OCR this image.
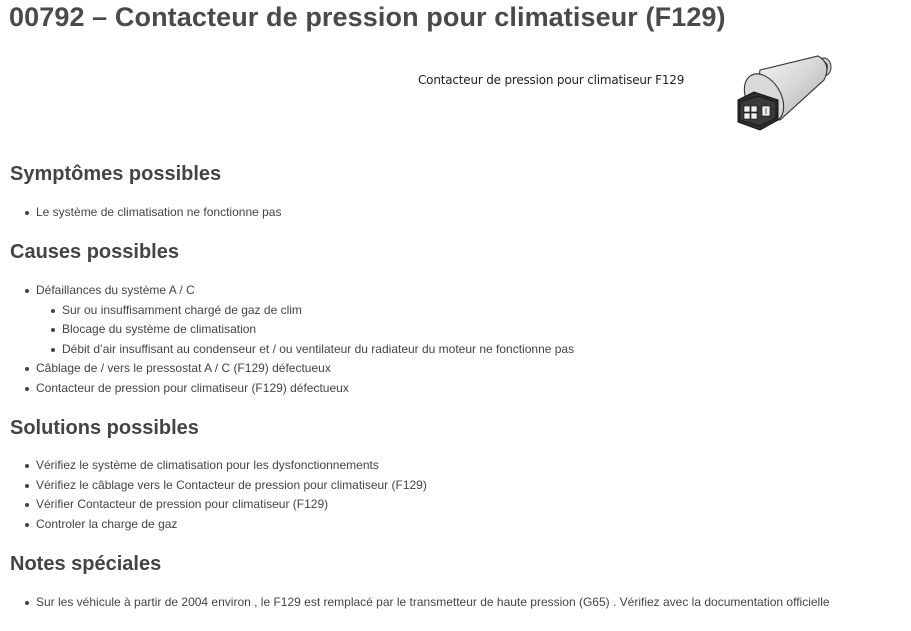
00792 – Contacteur de pression pour climatiseur (F129)
Contacteur de pression pour climatiseur F129
Symptômes possibles
Le système de climatisation ne fonctionne pas
Causes possibles
Défaillances du système A / C
Sur ou insuffisamment chargé de gaz de clim
Blocage du système de climatisation
Débit d’air insuffisant au condenseur et / ou ventilateur du radiateur du moteur ne fonctionne pas
Câblage de / vers le pressostat A / C (F129) défectueux
Contacteur de pression pour climatiseur (F129) défectueux
Solutions possibles
Vérifiez le système de climatisation pour les dysfonctionnements
Vérifiez le câblage vers le Contacteur de pression pour climatiseur (F129)
Vérifier Contacteur de pression pour climatiseur (F129)
Controler la charge de gaz
Notes spéciales
Sur les véhicule à partir de 2004 environ , le F129 est remplacé par le transmetteur de haute pression (G65) . Vérifiez avec la documentation officielle
